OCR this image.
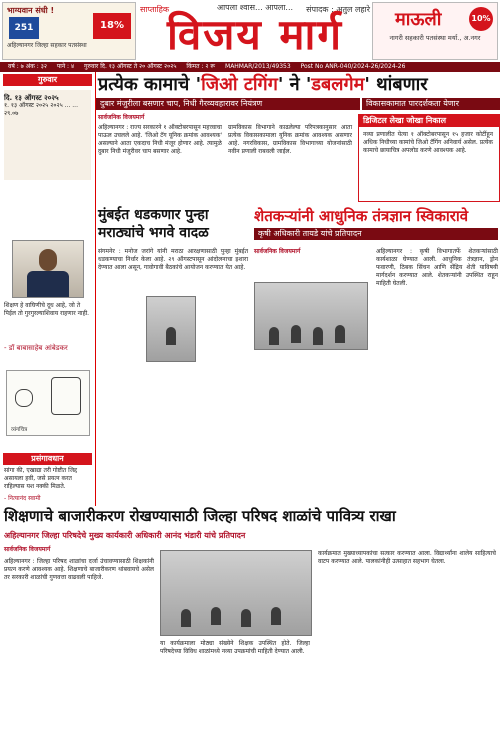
भाग्यवान संधी !
251	18%
अहिल्यानगर जिल्हा सहकार पतसंस्था
आपला श्वास... आपला...
साप्ताहिक	संपादक : अतुल लहारे
विजय मार्ग	माऊली	10%
नागरी सहकारी पतसंस्था मर्या., अ.नगर
वर्ष : ७ अंक : ३२ पाने : ४ गुरुवार दि. १३ ऑगस्ट ते २० ऑगस्ट २०२५ किंमत : २ रू MAHMAR/2013/49353 Post No ANR-040/2024-26/2024-26
गुरुवार
दि. १३ ऑगस्ट २०२५
१. १३ ऑगस्ट २०२५ २०२५ ... ... २९.०७
शिक्षण हे वाघिणीचे दूध आहे, जो ते पिईल तो गुरगुरल्याशिवाय राहणार नाही.
- डॉ बाबासाहेब आंबेडकर
व्यंगचित्र
प्रसंगावधान
सांगा की, एखाद्या तरी गोष्टीत जिद्द असायला हवी, जसे प्रयत्न करत राहिल्यास यश नक्की मिळते.
- नित्यानंद स्वामी
प्रत्येक कामाचे 'जिओ टगिंग' ने 'डबलगेम' थांबणार
दुबार मंजुरीला बसणार चाप, निधी गैरव्यवहारावर नियंत्रण	विकासकामात पारदर्शकता येणार
सार्वजनिक विजयमार्ग
अहिल्यानगर : राज्य सरकारने १ ऑक्टोबरपासून महत्त्वाचा पाऊल उचलले आहे. 'जिओ टॅग यूनिक क्रमांक आवश्यक' असल्याने आता एकदाच निधी मंजूर होणार आहे. त्यामुळे दुबार निधी मंजुरीवर चाप बसणार आहे.
ग्रामविकास विभागाने काढलेल्या परिपत्रकानुसार आता प्रत्येक विकासकामाला युनिक क्रमांक आवश्यक असणार आहे. नगरविकास, ग्रामविकास विभागाच्या योजनांसाठी नवीन प्रणाली राबवली जाईल.
डिजिटल लेखा जोखा निकाल
नव्या प्रणालीत येत्या १ ऑक्टोबरपासून १५ हजार कोटींहून अधिक निधीच्या कामांचे जिओ टॅगिंग अनिवार्य असेल. प्रत्येक कामाचे छायाचित्र अपलोड करणे आवश्यक आहे.
मुंबईत धडकणार पुन्हा मराठ्यांचे भगवे वादळ
शेतकऱ्यांनी आधुनिक तंत्रज्ञान स्विकारावे
कृषी अधिकारी तायडे यांचे प्रतिपादन
संगमनेर : मनोज जरांगे यांनी मराठा आरक्षणासाठी पुन्हा मुंबईत धडकण्याचा निर्धार केला आहे. २९ ऑगस्टपासून आंदोलनाचा इशारा देण्यात आला असून, गावोगावी बैठकांचे आयोजन करण्यात येत आहे.
सार्वजनिक विजयमार्ग	अहिल्यानगर : कृषी विभागातर्फे शेतकऱ्यांसाठी कार्यशाळा घेण्यात आली. आधुनिक तंत्रज्ञान, ड्रोन फवारणी, ठिबक सिंचन आणि सेंद्रिय शेती याविषयी मार्गदर्शन करण्यात आले. शेतकऱ्यांनी उपस्थित राहून माहिती घेतली.
शिक्षणाचे बाजारीकरण रोखण्यासाठी जिल्हा परिषद शाळांचे पावित्र्य राखा
अहिल्यानगर जिल्हा परिषदेचे मुख्य कार्यकारी अधिकारी आनंद भंडारी यांचे प्रतिपादन
सार्वजनिक विजयमार्ग
अहिल्यानगर : जिल्हा परिषद शाळांचा दर्जा उंचावण्यासाठी शिक्षकांनी प्रयत्न करणे आवश्यक आहे. शिक्षणाचे बाजारीकरण थांबवायचे असेल तर सरकारी शाळांची गुणवत्ता वाढवली पाहिजे.
या कार्यक्रमाला मोठ्या संख्येने शिक्षक उपस्थित होते. जिल्हा परिषदेच्या विविध शाळांमध्ये नव्या उपक्रमांची माहिती देण्यात आली.
कार्यक्रमात मुख्याध्यापकांचा सत्कार करण्यात आला. विद्यार्थ्यांना शालेय साहित्याचे वाटप करण्यात आले. पालकांनीही उत्साहात सहभाग घेतला.
